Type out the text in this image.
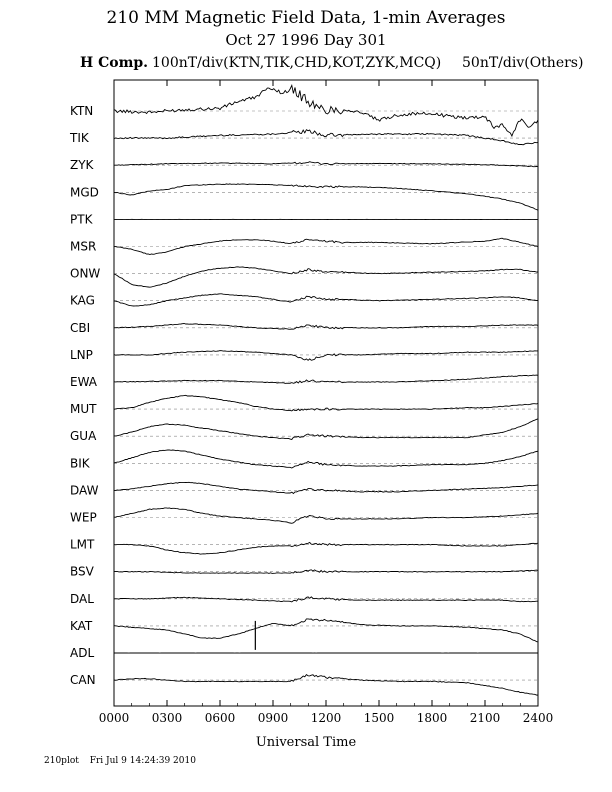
210 MM Magnetic Field Data, 1-min Averages
Oct 27 1996 Day 301
H Comp. 100nT/div(KTN,TIK,CHD,KOT,ZYK,MCQ) 50nT/div(Others)
0000 0300 0600 0900 1200 1500 1800 2100 2400
KTN
TIK
ZYK
MGD
PTK
MSR
ONW
KAG
CBI
LNP
EWA
MUT
GUA
BIK
DAW
WEP
LMT
BSV
DAL
KAT
ADL
CAN
Universal Time
210plot Fri Jul 9 14:24:39 2010
